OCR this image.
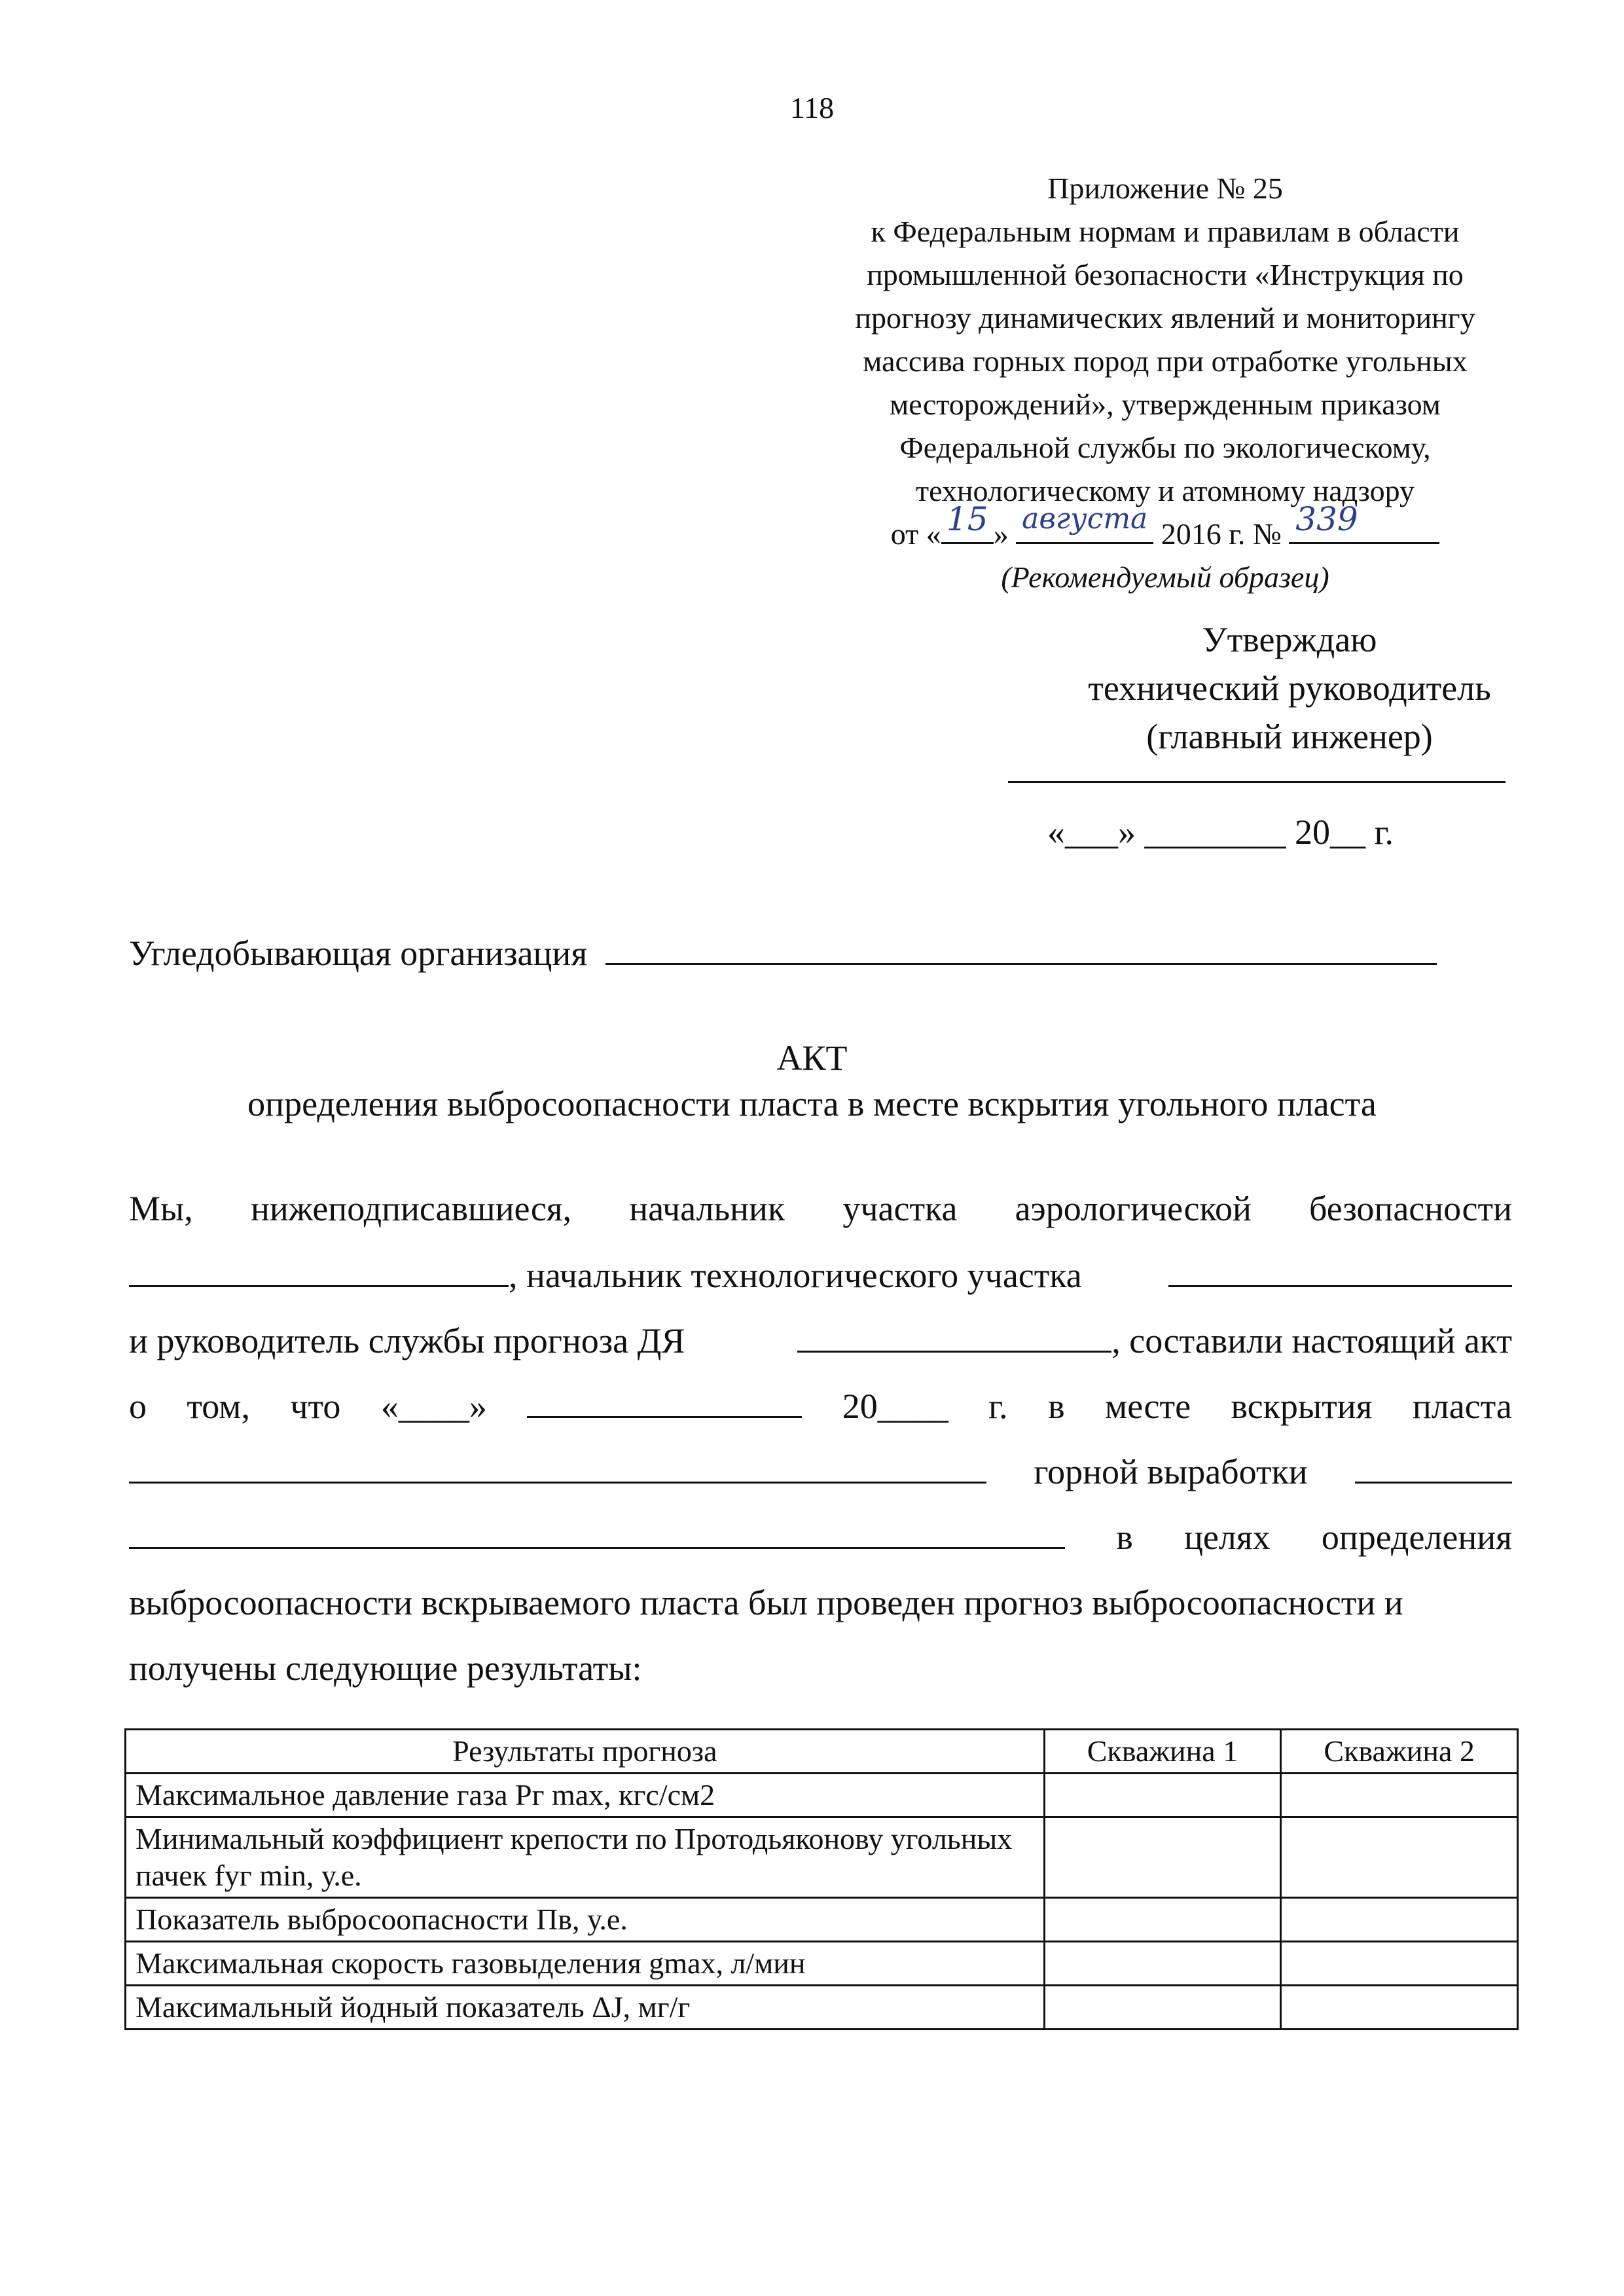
118
Приложение № 25
к Федеральным нормам и правилам в области
промышленной безопасности «Инструкция по
прогнозу динамических явлений и мониторингу
массива горных пород при отработке угольных
месторождений», утвержденным приказом
Федеральной службы по экологическому,
технологическому и атомному надзору
от « 15 » августа 2016 г. № 339
(Рекомендуемый образец)
Утверждаю
технический руководитель
(главный инженер)
«___» ________ 20__ г.
Угледобывающая организация
АКТ
определения выбросоопасности пласта в месте вскрытия угольного пласта
Мы, нижеподписавшиеся, начальник участка аэрологической безопасности
, начальник технологического участка
и руководитель службы прогноза ДЯ	, составили настоящий акт
о том, что «____»	20____ г. в месте вскрытия пласта
горной выработки
в целях определения
выбросоопасности вскрываемого пласта был проведен прогноз выбросоопасности и
получены следующие результаты:
Результаты прогноза	Скважина 1	Скважина 2
Максимальное давление газа Pг max, кгс/см2		
Минимальный коэффициент крепости по Протодьяконову угольных пачек fуг min, у.е.		
Показатель выбросоопасности Пв, у.е.		
Максимальная скорость газовыделения gmax, л/мин		
Максимальный йодный показатель ΔJ, мг/г		
